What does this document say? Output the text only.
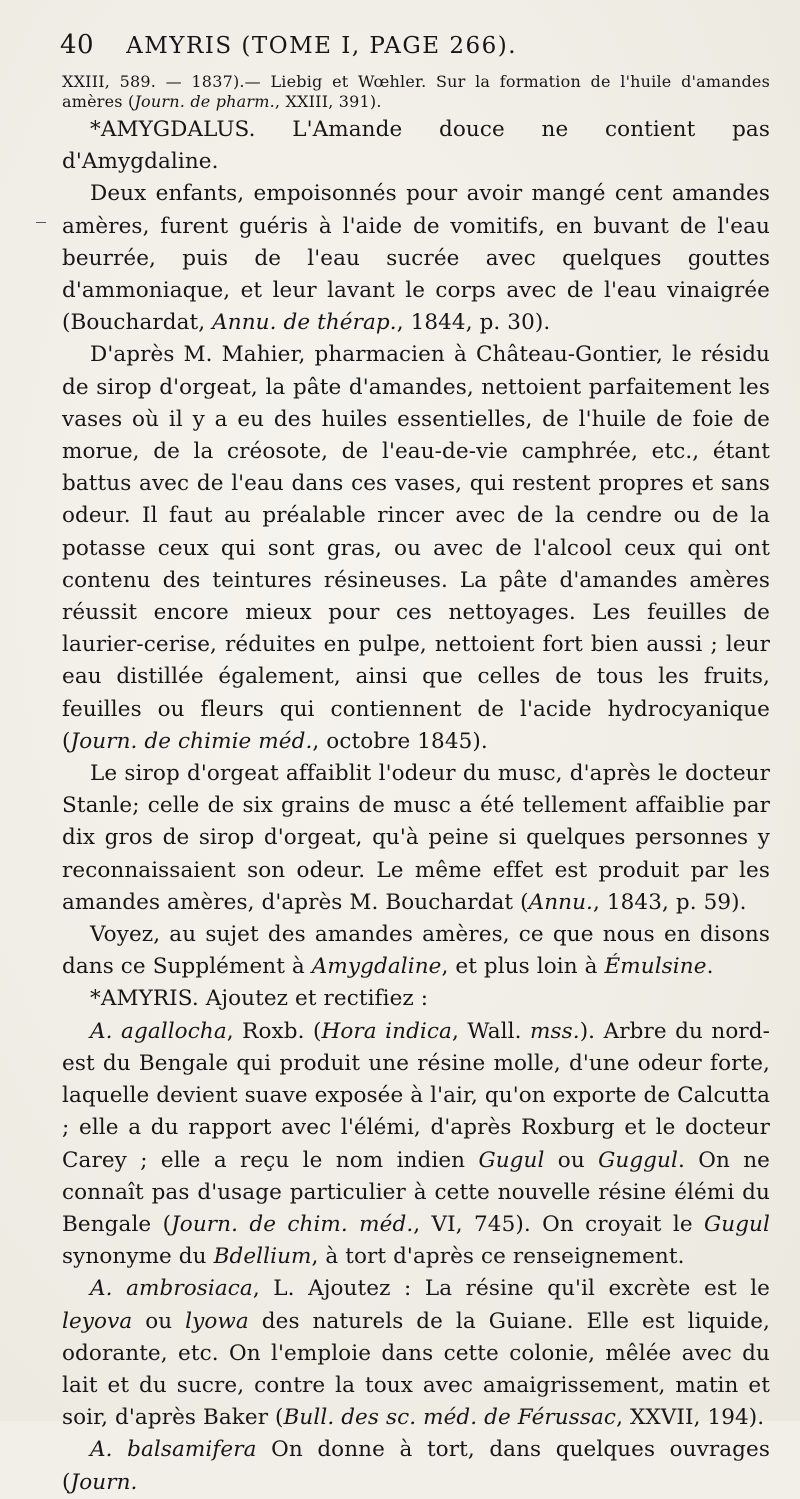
40 AMYRIS (TOME I, PAGE 266).

XXIII, 589. — 1837).— Liebig et Wœhler. Sur la formation de l'huile d'amandes amères (Journ. de pharm., XXIII, 391).

*AMYGDALUS. L'Amande douce ne contient pas d'Amygdaline.

Deux enfants, empoisonnés pour avoir mangé cent amandes amères, furent guéris à l'aide de vomitifs, en buvant de l'eau beurrée, puis de l'eau sucrée avec quelques gouttes d'ammoniaque, et leur lavant le corps avec de l'eau vinaigrée (Bouchardat, Annu. de thérap., 1844, p. 30).

D'après M. Mahier, pharmacien à Château-Gontier, le résidu de sirop d'orgeat, la pâte d'amandes, nettoient parfaitement les vases où il y a eu des huiles essentielles, de l'huile de foie de morue, de la créosote, de l'eau-de-vie camphrée, etc., étant battus avec de l'eau dans ces vases, qui restent propres et sans odeur. Il faut au préalable rincer avec de la cendre ou de la potasse ceux qui sont gras, ou avec de l'alcool ceux qui ont contenu des teintures résineuses. La pâte d'amandes amères réussit encore mieux pour ces nettoyages. Les feuilles de laurier-cerise, réduites en pulpe, nettoient fort bien aussi ; leur eau distillée également, ainsi que celles de tous les fruits, feuilles ou fleurs qui contiennent de l'acide hydrocyanique (Journ. de chimie méd., octobre 1845).

Le sirop d'orgeat affaiblit l'odeur du musc, d'après le docteur Stanle; celle de six grains de musc a été tellement affaiblie par dix gros de sirop d'orgeat, qu'à peine si quelques personnes y reconnaissaient son odeur. Le même effet est produit par les amandes amères, d'après M. Bouchardat (Annu., 1843, p. 59).

Voyez, au sujet des amandes amères, ce que nous en disons dans ce Supplément à Amygdaline, et plus loin à Émulsine.

*AMYRIS. Ajoutez et rectifiez :

A. agallocha, Roxb. (Hora indica, Wall. mss.). Arbre du nord-est du Bengale qui produit une résine molle, d'une odeur forte, laquelle devient suave exposée à l'air, qu'on exporte de Calcutta ; elle a du rapport avec l'élémi, d'après Roxburg et le docteur Carey ; elle a reçu le nom indien Gugul ou Guggul. On ne connaît pas d'usage particulier à cette nouvelle résine élémi du Bengale (Journ. de chim. méd., VI, 745). On croyait le Gugul synonyme du Bdellium, à tort d'après ce renseignement.

A. ambrosiaca, L. Ajoutez : La résine qu'il excrète est le leyova ou lyowa des naturels de la Guiane. Elle est liquide, odorante, etc. On l'emploie dans cette colonie, mêlée avec du lait et du sucre, contre la toux avec amaigrissement, matin et soir, d'après Baker (Bull. des sc. méd. de Férussac, XXVII, 194).

A. balsamifera On donne à tort, dans quelques ouvrages (Journ.
